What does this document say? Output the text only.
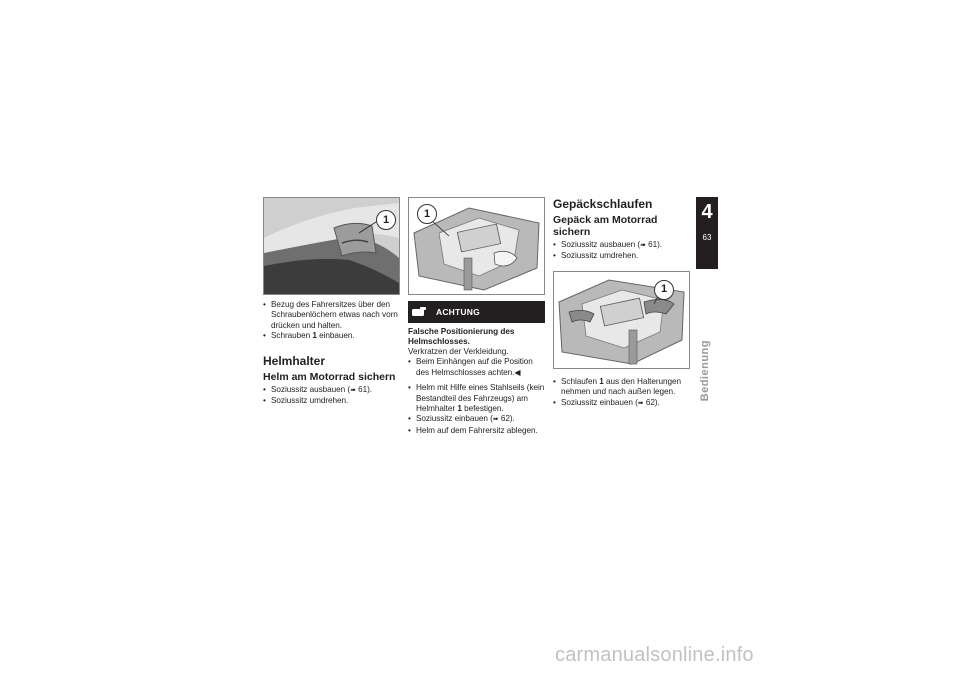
1
• Bezug des Fahrersitzes über den Schraubenlöchern etwas nach vorn drücken und halten.
• Schrauben 1 einbauen.
Helmhalter
Helm am Motorrad sichern
• Soziussitz ausbauen (➠ 61).
• Soziussitz umdrehen.
1
ACHTUNG
Falsche Positionierung des Helmschlosses.
Verkratzen der Verkleidung.
• Beim Einhängen auf die Position des Helmschlosses achten.◀
• Helm mit Hilfe eines Stahlseils (kein Bestandteil des Fahrzeugs) am Helmhalter 1 befestigen.
• Soziussitz einbauen (➠ 62).
• Helm auf dem Fahrersitz ablegen.
Gepäckschlaufen
Gepäck am Motorrad sichern
• Soziussitz ausbauen (➠ 61).
• Soziussitz umdrehen.
1
• Schlaufen 1 aus den Halterungen nehmen und nach außen legen.
• Soziussitz einbauen (➠ 62).
4
63
Bedienung
carmanualsonline.info
